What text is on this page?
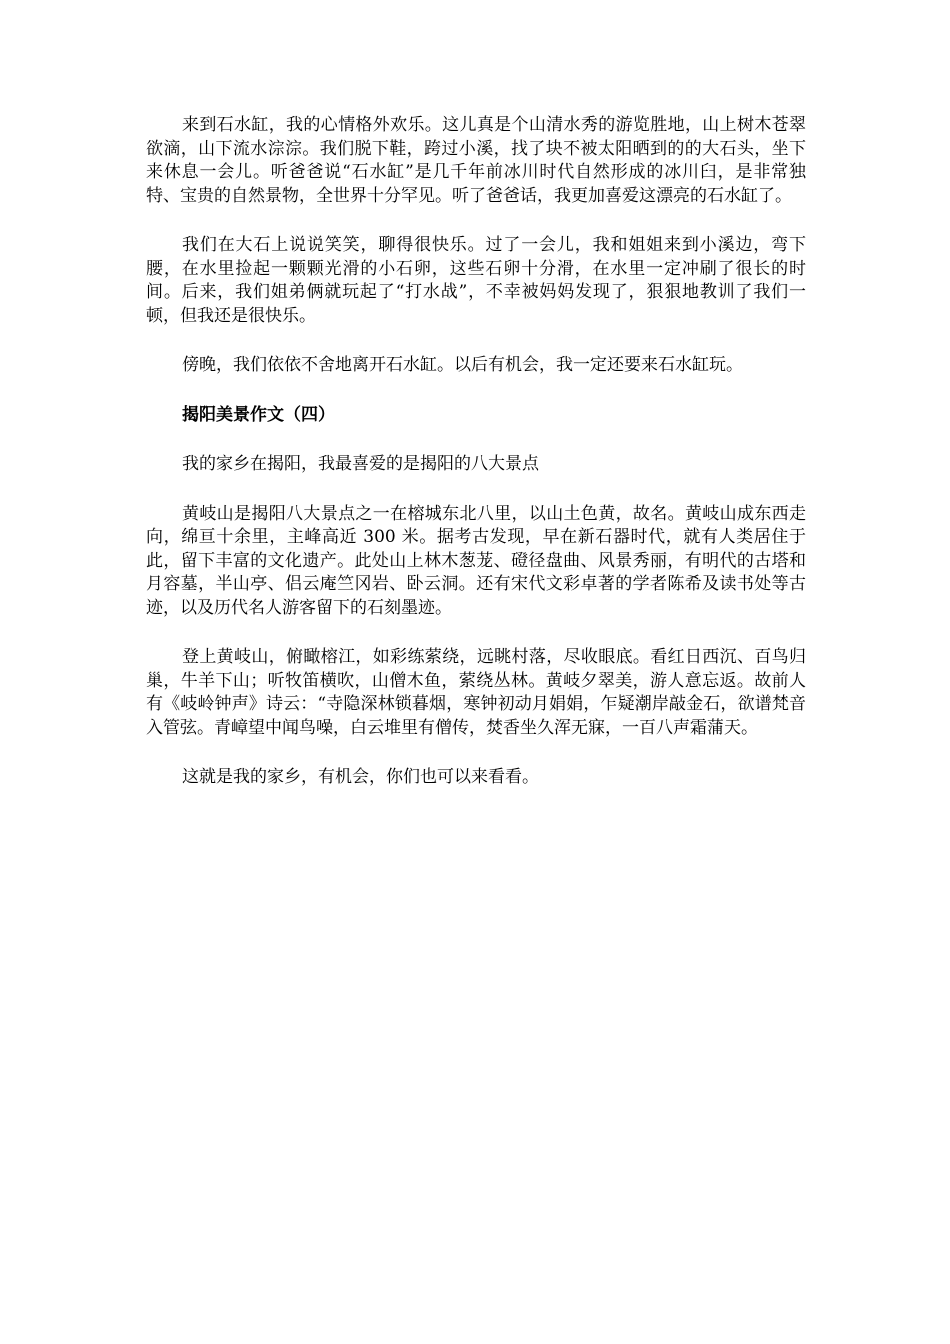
来到石水缸，我的心情格外欢乐。这儿真是个山清水秀的游览胜地，山上树木苍翠欲滴，山下流水淙淙。我们脱下鞋，跨过小溪，找了块不被太阳晒到的的大石头，坐下来休息一会儿。听爸爸说“石水缸”是几千年前冰川时代自然形成的冰川臼，是非常独特、宝贵的自然景物，全世界十分罕见。听了爸爸话，我更加喜爱这漂亮的石水缸了。

我们在大石上说说笑笑，聊得很快乐。过了一会儿，我和姐姐来到小溪边，弯下腰，在水里捡起一颗颗光滑的小石卵，这些石卵十分滑，在水里一定冲刷了很长的时间。后来，我们姐弟俩就玩起了“打水战”，不幸被妈妈发现了，狠狠地教训了我们一顿，但我还是很快乐。

傍晚，我们依依不舍地离开石水缸。以后有机会，我一定还要来石水缸玩。

揭阳美景作文（四）

我的家乡在揭阳，我最喜爱的是揭阳的八大景点

黄岐山是揭阳八大景点之一在榕城东北八里，以山土色黄，故名。黄岐山成东西走向，绵亘十余里，主峰高近 300 米。据考古发现，早在新石器时代，就有人类居住于此，留下丰富的文化遗产。此处山上林木葱茏、磴径盘曲、风景秀丽，有明代的古塔和月容墓，半山亭、侣云庵竺冈岩、卧云洞。还有宋代文彩卓著的学者陈希及读书处等古迹，以及历代名人游客留下的石刻墨迹。

登上黄岐山，俯瞰榕江，如彩练萦绕，远眺村落，尽收眼底。看红日西沉、百鸟归巢，牛羊下山；听牧笛横吹，山僧木鱼，萦绕丛林。黄岐夕翠美，游人意忘返。故前人有《岐岭钟声》诗云：“寺隐深林锁暮烟，寒钟初动月娟娟，乍疑潮岸敲金石，欲谱梵音入管弦。青嶂望中闻鸟噪，白云堆里有僧传，焚香坐久浑无寐，一百八声霜蒲天。

这就是我的家乡，有机会，你们也可以来看看。
